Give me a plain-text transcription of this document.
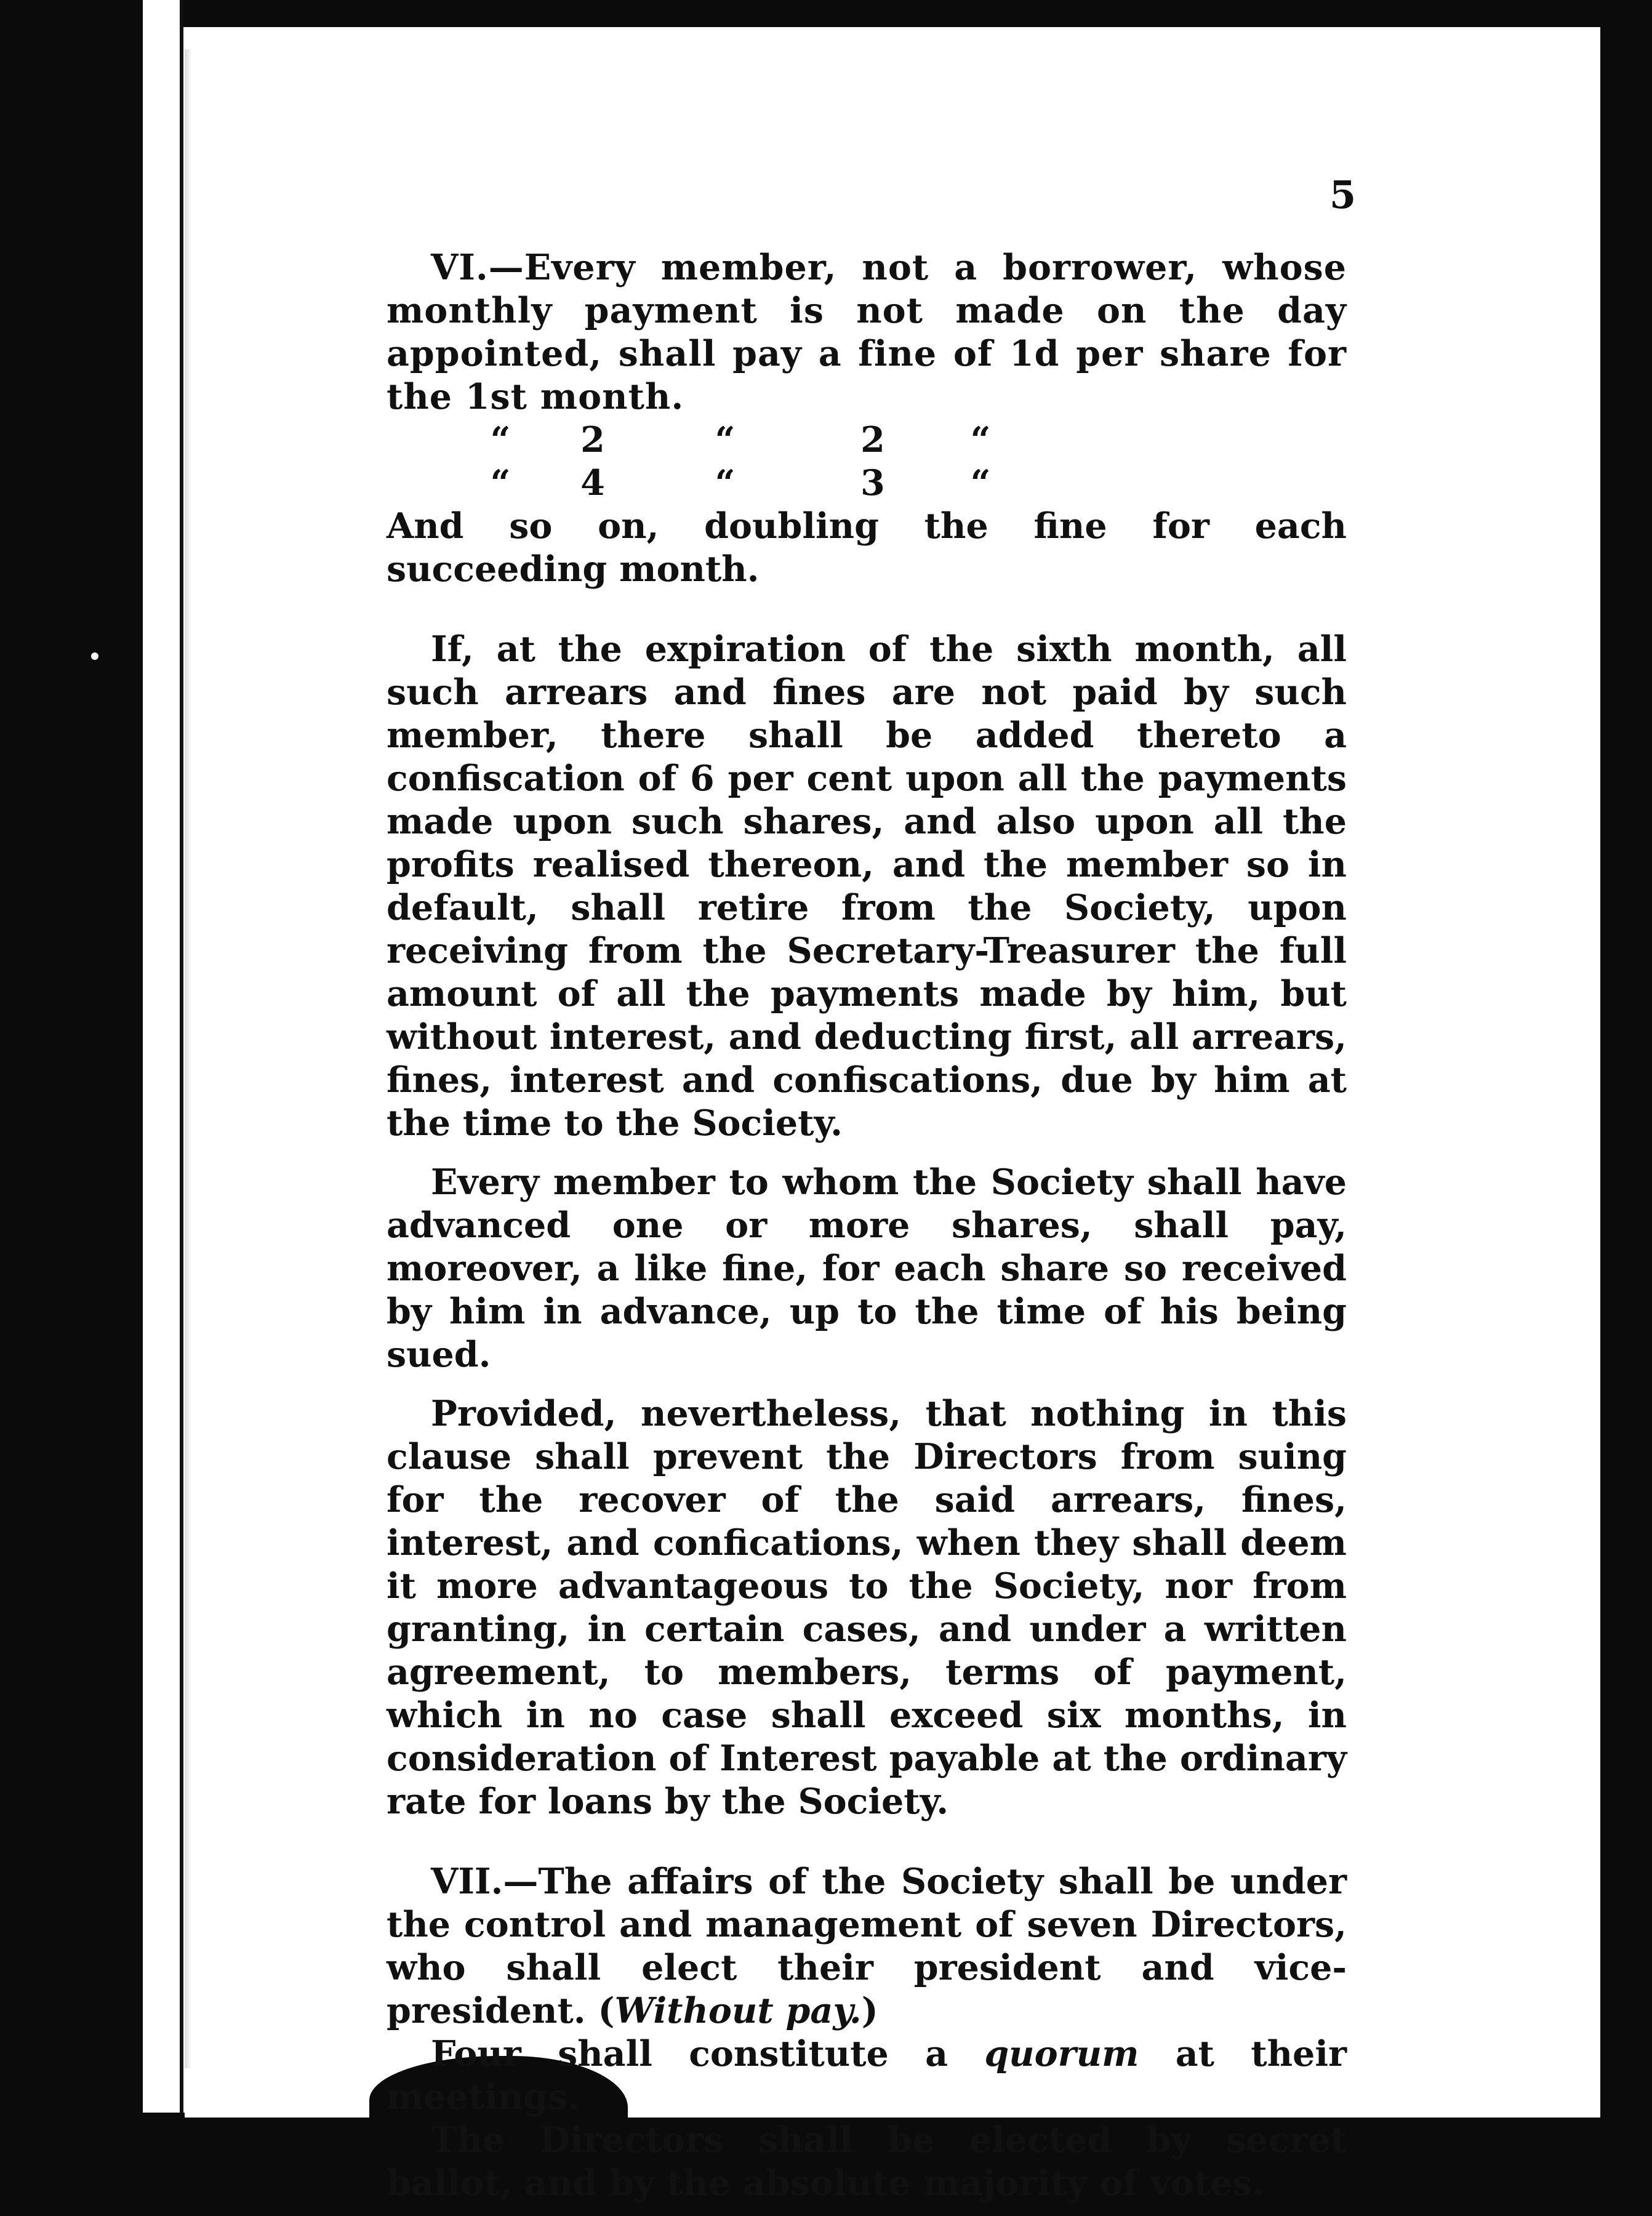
5

VI.—Every member, not a borrower, whose monthly payment is not made on the day appointed, shall pay a fine of 1d per share for the 1st month.

“	2	“	2	“
“	4	“	3	“

And so on, doubling the fine for each succeeding month.

If, at the expiration of the sixth month, all such arrears and fines are not paid by such member, there shall be added thereto a confiscation of 6 per cent upon all the payments made upon such shares, and also upon all the profits realised thereon, and the member so in default, shall retire from the Society, upon receiving from the Secretary-Treasurer the full amount of all the payments made by him, but without interest, and deducting first, all arrears, fines, interest and confiscations, due by him at the time to the Society.

Every member to whom the Society shall have advanced one or more shares, shall pay, moreover, a like fine, for each share so received by him in advance, up to the time of his being sued.

Provided, nevertheless, that nothing in this clause shall prevent the Directors from suing for the recover of the said arrears, fines, interest, and confications, when they shall deem it more advantageous to the Society, nor from granting, in certain cases, and under a written agreement, to members, terms of payment, which in no case shall exceed six months, in consideration of Interest payable at the ordinary rate for loans by the Society.

VII.—The affairs of the Society shall be under the control and management of seven Directors, who shall elect their president and vice-president. (Without pay.)

Four shall constitute a quorum at their meetings.

The Directors shall be elected by secret ballot, and by the absolute majority of votes.
